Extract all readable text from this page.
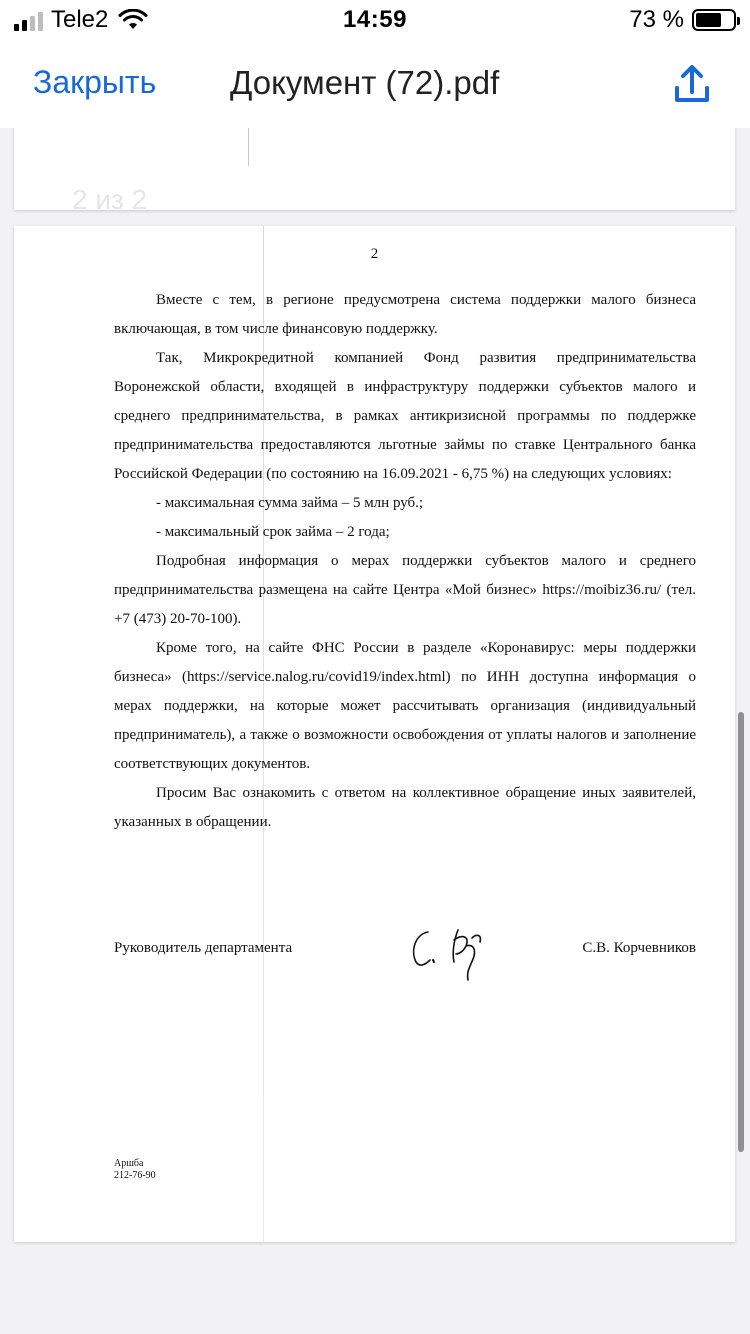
Tele2	14:59	73 %
Закрыть Документ (72).pdf
2 из 2
2

Вместе с тем, в регионе предусмотрена система поддержки малого бизнеса включающая, в том числе финансовую поддержку.

Так, Микрокредитной компанией Фонд развития предпринимательства Воронежской области, входящей в инфраструктуру поддержки субъектов малого и среднего предпринимательства, в рамках антикризисной программы по поддержке предпринимательства предоставляются льготные займы по ставке Центрального банка Российской Федерации (по состоянию на 16.09.2021 - 6,75 %) на следующих условиях:

- максимальная сумма займа – 5 млн руб.;

- максимальный срок займа – 2 года;

Подробная информация о мерах поддержки субъектов малого и среднего предпринимательства размещена на сайте Центра «Мой бизнес» https://moibiz36.ru/ (тел. +7 (473) 20-70-100).

Кроме того, на сайте ФНС России в разделе «Коронавирус: меры поддержки бизнеса» (https://service.nalog.ru/covid19/index.html) по ИНН доступна информация о мерах поддержки, на которые может рассчитывать организация (индивидуальный предприниматель), а также о возможности освобождения от уплаты налогов и заполнение соответствующих документов.

Просим Вас ознакомить с ответом на коллективное обращение иных заявителей, указанных в обращении.

Руководитель департамента	С.В. Корчевников
Аршба
212-76-90
